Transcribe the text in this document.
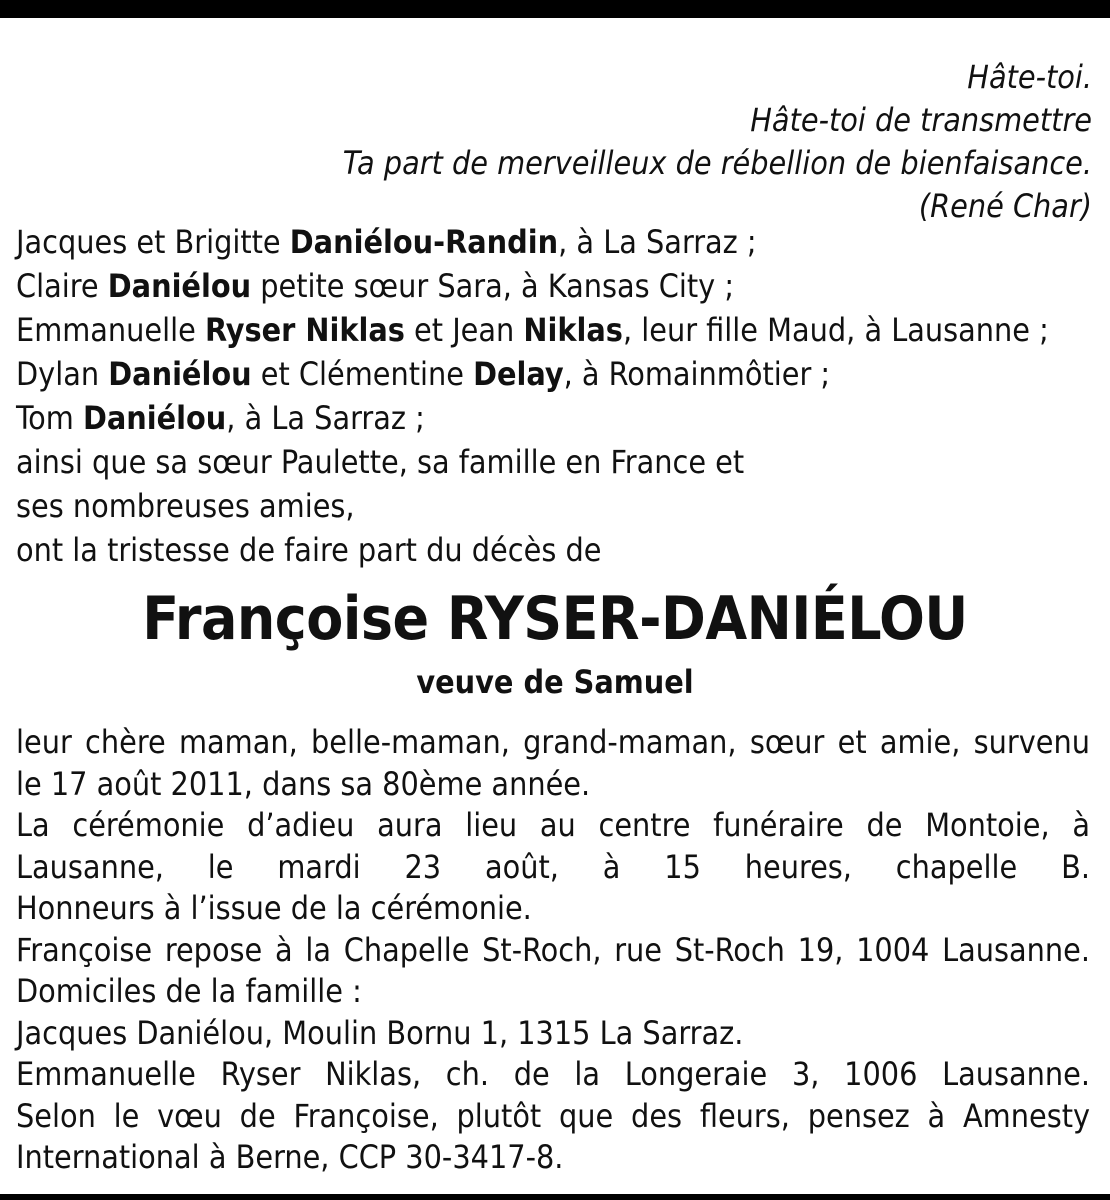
Hâte-toi.
Hâte-toi de transmettre
Ta part de merveilleux de rébellion de bienfaisance.
(René Char)
Jacques et Brigitte Daniélou-Randin, à La Sarraz ;
Claire Daniélou petite sœur Sara, à Kansas City ;
Emmanuelle Ryser Niklas et Jean Niklas, leur fille Maud, à Lausanne ;
Dylan Daniélou et Clémentine Delay, à Romainmôtier ;
Tom Daniélou, à La Sarraz ;
ainsi que sa sœur Paulette, sa famille en France et
ses nombreuses amies,
ont la tristesse de faire part du décès de
Françoise RYSER-DANIÉLOU
veuve de Samuel

leur chère maman, belle-maman, grand-maman, sœur et amie, survenu le 17 août 2011, dans sa 80ème année.

La cérémonie d’adieu aura lieu au centre funéraire de Montoie, à Lausanne, le mardi 23 août, à 15 heures, chapelle B.

Honneurs à l’issue de la cérémonie.

Françoise repose à la Chapelle St-Roch, rue St-Roch 19, 1004 Lausanne.

Domiciles de la famille :

Jacques Daniélou, Moulin Bornu 1, 1315 La Sarraz.

Emmanuelle Ryser Niklas, ch. de la Longeraie 3, 1006 Lausanne.

Selon le vœu de Françoise, plutôt que des fleurs, pensez à Amnesty International à Berne, CCP 30-3417-8.
